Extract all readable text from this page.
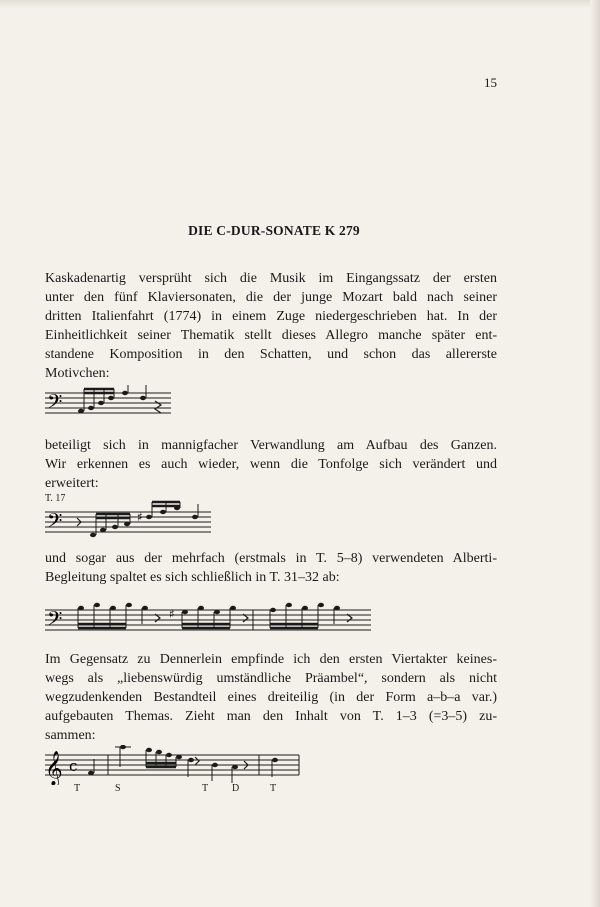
15
DIE C-DUR-SONATE K 279
Kaskadenartig versprüht sich die Musik im Eingangssatz der ersten
unter den fünf Klaviersonaten, die der junge Mozart bald nach seiner
dritten Italienfahrt (1774) in einem Zuge niedergeschrieben hat. In der
Einheitlichkeit seiner Thematik stellt dieses Allegro manche später ent-
standene Komposition in den Schatten, und schon das allererste
Motivchen:
𝄢
beteiligt sich in mannigfacher Verwandlung am Aufbau des Ganzen.
Wir erkennen es auch wieder, wenn die Tonfolge sich verändert und
erweitert:
T. 17
𝄢	♯
und sogar aus der mehrfach (erstmals in T. 5–8) verwendeten Alberti-
Begleitung spaltet es sich schließlich in T. 31–32 ab:
𝄢	♯
Im Gegensatz zu Dennerlein empfinde ich den ersten Viertakter keines-
wegs als „liebenswürdig umständliche Präambel“, sondern als nicht
wegzudenkenden Bestandteil eines dreiteilig (in der Form a–b–a var.)
aufgebauten Themas. Zieht man den Inhalt von T. 1–3 (=3–5) zu-
sammen:
𝄞 c
T	S	T D	T
